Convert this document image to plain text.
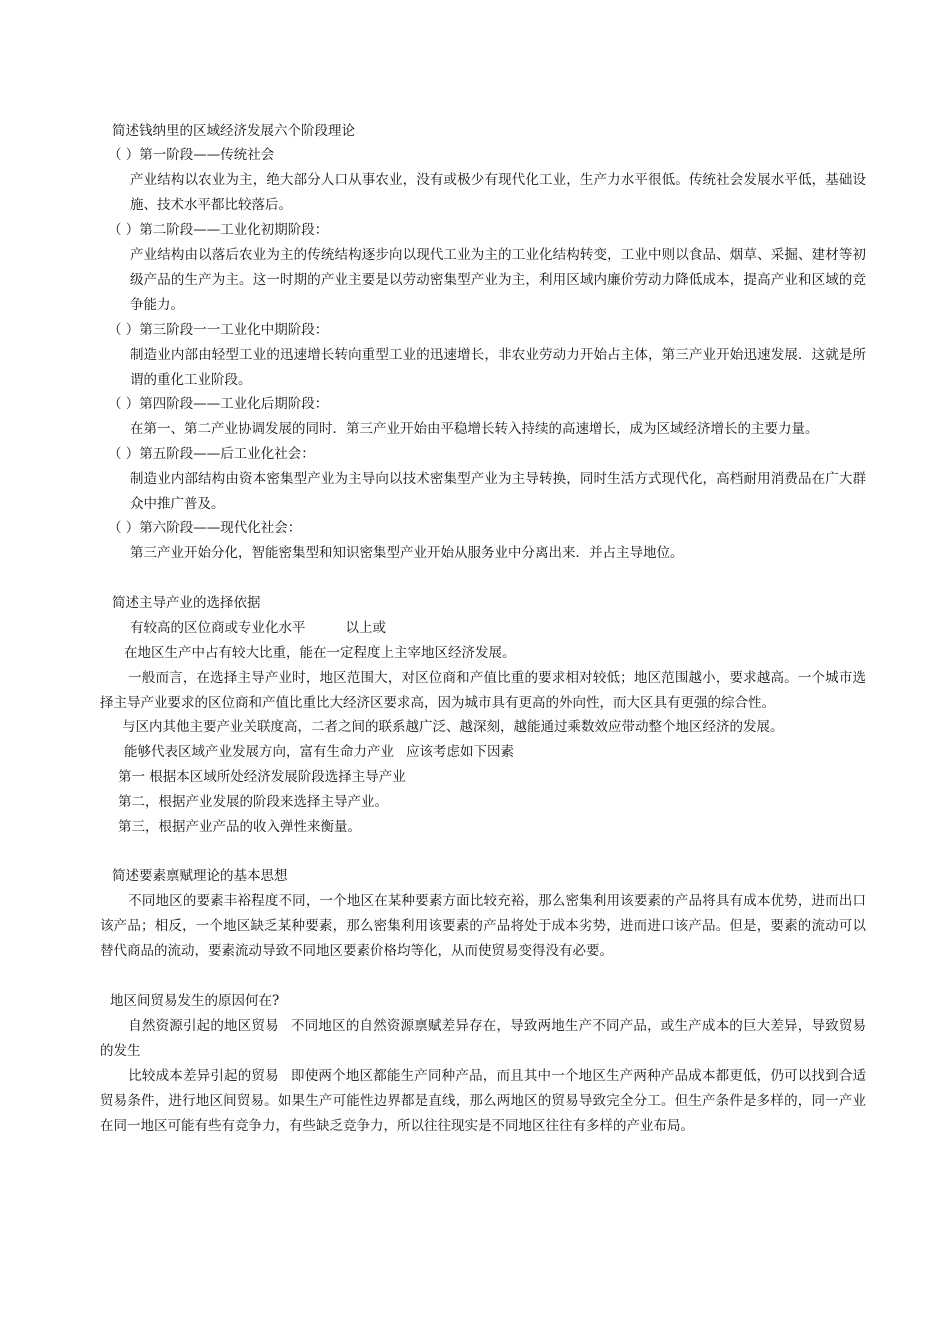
简述钱纳里的区域经济发展六个阶段理论
（ ）第一阶段——传统社会
产业结构以农业为主，绝大部分人口从事农业，没有或极少有现代化工业，生产力水平很低。传统社会发展水平低，基础设施、技术水平都比较落后。
（ ）第二阶段——工业化初期阶段：
产业结构由以落后农业为主的传统结构逐步向以现代工业为主的工业化结构转变，工业中则以食品、烟草、采掘、建材等初级产品的生产为主。这一时期的产业主要是以劳动密集型产业为主，利用区域内廉价劳动力降低成本，提高产业和区域的竞争能力。
（ ）第三阶段一一工业化中期阶段：
制造业内部由轻型工业的迅速增长转向重型工业的迅速增长，非农业劳动力开始占主体，第三产业开始迅速发展．这就是所谓的重化工业阶段。
（ ）第四阶段——工业化后期阶段：
在第一、第二产业协调发展的同时．第三产业开始由平稳增长转入持续的高速增长，成为区域经济增长的主要力量。
（ ）第五阶段——后工业化社会：
制造业内部结构由资本密集型产业为主导向以技术密集型产业为主导转换，同时生活方式现代化，高档耐用消费品在广大群众中推广普及。
（ ）第六阶段——现代化社会：
第三产业开始分化，智能密集型和知识密集型产业开始从服务业中分离出来．并占主导地位。
简述主导产业的选择依据
有较高的区位商或专业化水平	以上或
在地区生产中占有较大比重，能在一定程度上主宰地区经济发展。
一般而言，在选择主导产业时，地区范围大，对区位商和产值比重的要求相对较低；地区范围越小，要求越高。一个城市选择主导产业要求的区位商和产值比重比大经济区要求高，因为城市具有更高的外向性，而大区具有更强的综合性。
与区内其他主要产业关联度高，二者之间的联系越广泛、越深刻，越能通过乘数效应带动整个地区经济的发展。
能够代表区域产业发展方向，富有生命力产业 应该考虑如下因素
第一 根据本区域所处经济发展阶段选择主导产业
第二，根据产业发展的阶段来选择主导产业。
第三，根据产业产品的收入弹性来衡量。
简述要素禀赋理论的基本思想
不同地区的要素丰裕程度不同，一个地区在某种要素方面比较充裕，那么密集利用该要素的产品将具有成本优势，进而出口该产品；相反，一个地区缺乏某种要素，那么密集利用该要素的产品将处于成本劣势，进而进口该产品。但是，要素的流动可以替代商品的流动，要素流动导致不同地区要素价格均等化，从而使贸易变得没有必要。
地区间贸易发生的原因何在?
自然资源引起的地区贸易 不同地区的自然资源禀赋差异存在，导致两地生产不同产品，或生产成本的巨大差异，导致贸易的发生
比较成本差异引起的贸易 即使两个地区都能生产同种产品，而且其中一个地区生产两种产品成本都更低，仍可以找到合适贸易条件，进行地区间贸易。如果生产可能性边界都是直线，那么两地区的贸易导致完全分工。但生产条件是多样的，同一产业在同一地区可能有些有竞争力，有些缺乏竞争力，所以往往现实是不同地区往往有多样的产业布局。
